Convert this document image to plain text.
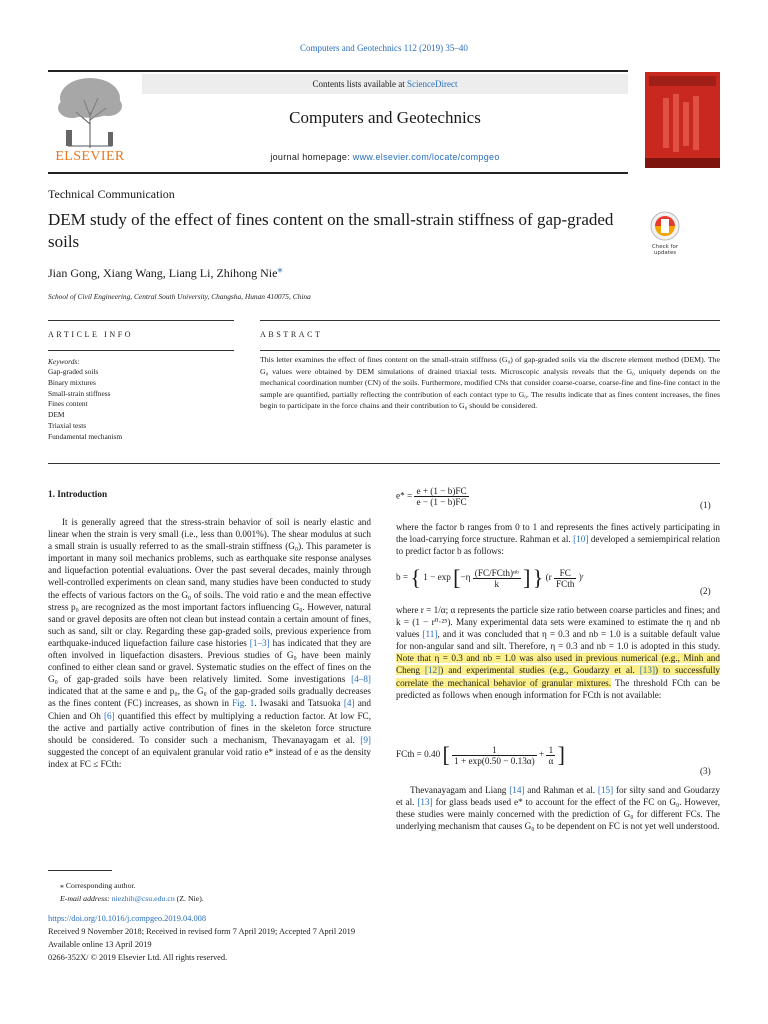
Computers and Geotechnics 112 (2019) 35–40
Contents lists available at ScienceDirect
Computers and Geotechnics
journal homepage: www.elsevier.com/locate/compgeo
ELSEVIER
Technical Communication
DEM study of the effect of fines content on the small-strain stiffness of gap-graded soils	Check for
updates
Jian Gong, Xiang Wang, Liang Li, Zhihong Nie⁎
School of Civil Engineering, Central South University, Changsha, Hunan 410075, China
ARTICLE INFO	ABSTRACT
Keywords:
Gap-graded soils
Binary mixtures
Small-strain stiffness
Fines content
DEM
Triaxial tests
Fundamental mechanism
This letter examines the effect of fines content on the small-strain stiffness (G₀) of gap-graded soils via the discrete element method (DEM). The G₀ values were obtained by DEM simulations of drained triaxial tests. Microscopic analysis reveals that the G₀ uniquely depends on the mechanical coordination number (CN) of the soils. Furthermore, modified CNs that consider coarse-coarse, coarse-fine and fine-fine contact in the sample are quantified, partially reflecting the contribution of each contact type to G₀. The results indicate that as fines content increases, the fines begin to participate in the force chains and their contribution to G₀ should be considered.
1. Introduction
It is generally agreed that the stress-strain behavior of soil is nearly elastic and linear when the strain is very small (i.e., less than 0.001%). The shear modulus at such a small strain is usually referred to as the small-strain stiffness (G₀). This parameter is important in many soil mechanics problems, such as earthquake site response analyses and liquefaction potential evaluations. Over the past several decades, mainly through well-controlled experiments on clean sand, many studies have been conducted to study the effects of various factors on the G₀ of soils. The void ratio e and the mean effective stress p₀ are recognized as the most important factors influencing G₀. However, natural sand or gravel deposits are often not clean but instead contain a certain amount of fines, such as sand, silt or clay. Regarding these gap-graded soils, previous experience from earthquake-induced liquefaction failure case histories [1–3] has indicated that they are often involved in liquefaction disasters. Previous studies of G₀ have been mainly confined to either clean sand or gravel. Systematic studies on the effect of fines on the G₀ of gap-graded soils have been relatively limited. Some investigations [4–8] indicated that at the same e and p₀, the G₀ of the gap-graded soils gradually decreases as the fines content (FC) increases, as shown in Fig. 1. Iwasaki and Tatsuoka [4] and Chien and Oh [6] quantified this effect by multiplying a reduction factor. At low FC, the active and partially active contribution of fines in the skeleton force structure should be considered. To consider such a mechanism, Thevanayagam et al. [9] suggested the concept of an equivalent granular void ratio e* instead of e as the density index at FC ≤ FCth:
$e* = \frac{e + (1 - b)FC}{e - (1 - b)FC}$	(1)
where the factor b ranges from 0 to 1 and represents the fines actively participating in the load-carrying force structure. Rahman et al. [10] developed a semiempirical relation to predict factor b as follows:
b = { $1 - \exp [-\eta \frac{\text{(FC/FCth)ⁿᵇ}}{k}$ ] } ($r \frac{FC}{\text{FCth}}$ )ʳ
(2)
where r = 1/α; α represents the particle size ratio between coarse particles and fines; and k = (1 − r⁰·²⁵). Many experimental data sets were examined to estimate the η and nb values [11], and it was concluded that η = 0.3 and nb = 1.0 is a suitable default value for non-angular sand and silt. Therefore, η = 0.3 and nb = 1.0 is adopted in this study. Note that η = 0.3 and nb = 1.0 was also used in previous numerical (e.g., Minh and Cheng [12]) and experimental studies (e.g., Goudarzy et al. [13]) to successfully correlate the mechanical behavior of granular mixtures. The threshold FCth can be predicted as follows when enough information for FCth is not available:
FCth = 0.40 [ $\frac{1}{1 + \exp(0.50 - 0.13\alpha)} + \frac{1}{\alpha}$ ]
(3)
Thevanayagam and Liang [14] and Rahman et al. [15] for silty sand and Goudarzy et al. [13] for glass beads used e* to account for the effect of the FC on G₀. However, these studies were mainly concerned with the prediction of G₀ for different FCs. The underlying mechanism that causes G₀ to be dependent on FC is not yet well understood.
⁎ Corresponding author.
E-mail address: niezhih@csu.edu.cn (Z. Nie).
https://doi.org/10.1016/j.compgeo.2019.04.008
Received 9 November 2018; Received in revised form 7 April 2019; Accepted 7 April 2019
Available online 13 April 2019
0266-352X/ © 2019 Elsevier Ltd. All rights reserved.
